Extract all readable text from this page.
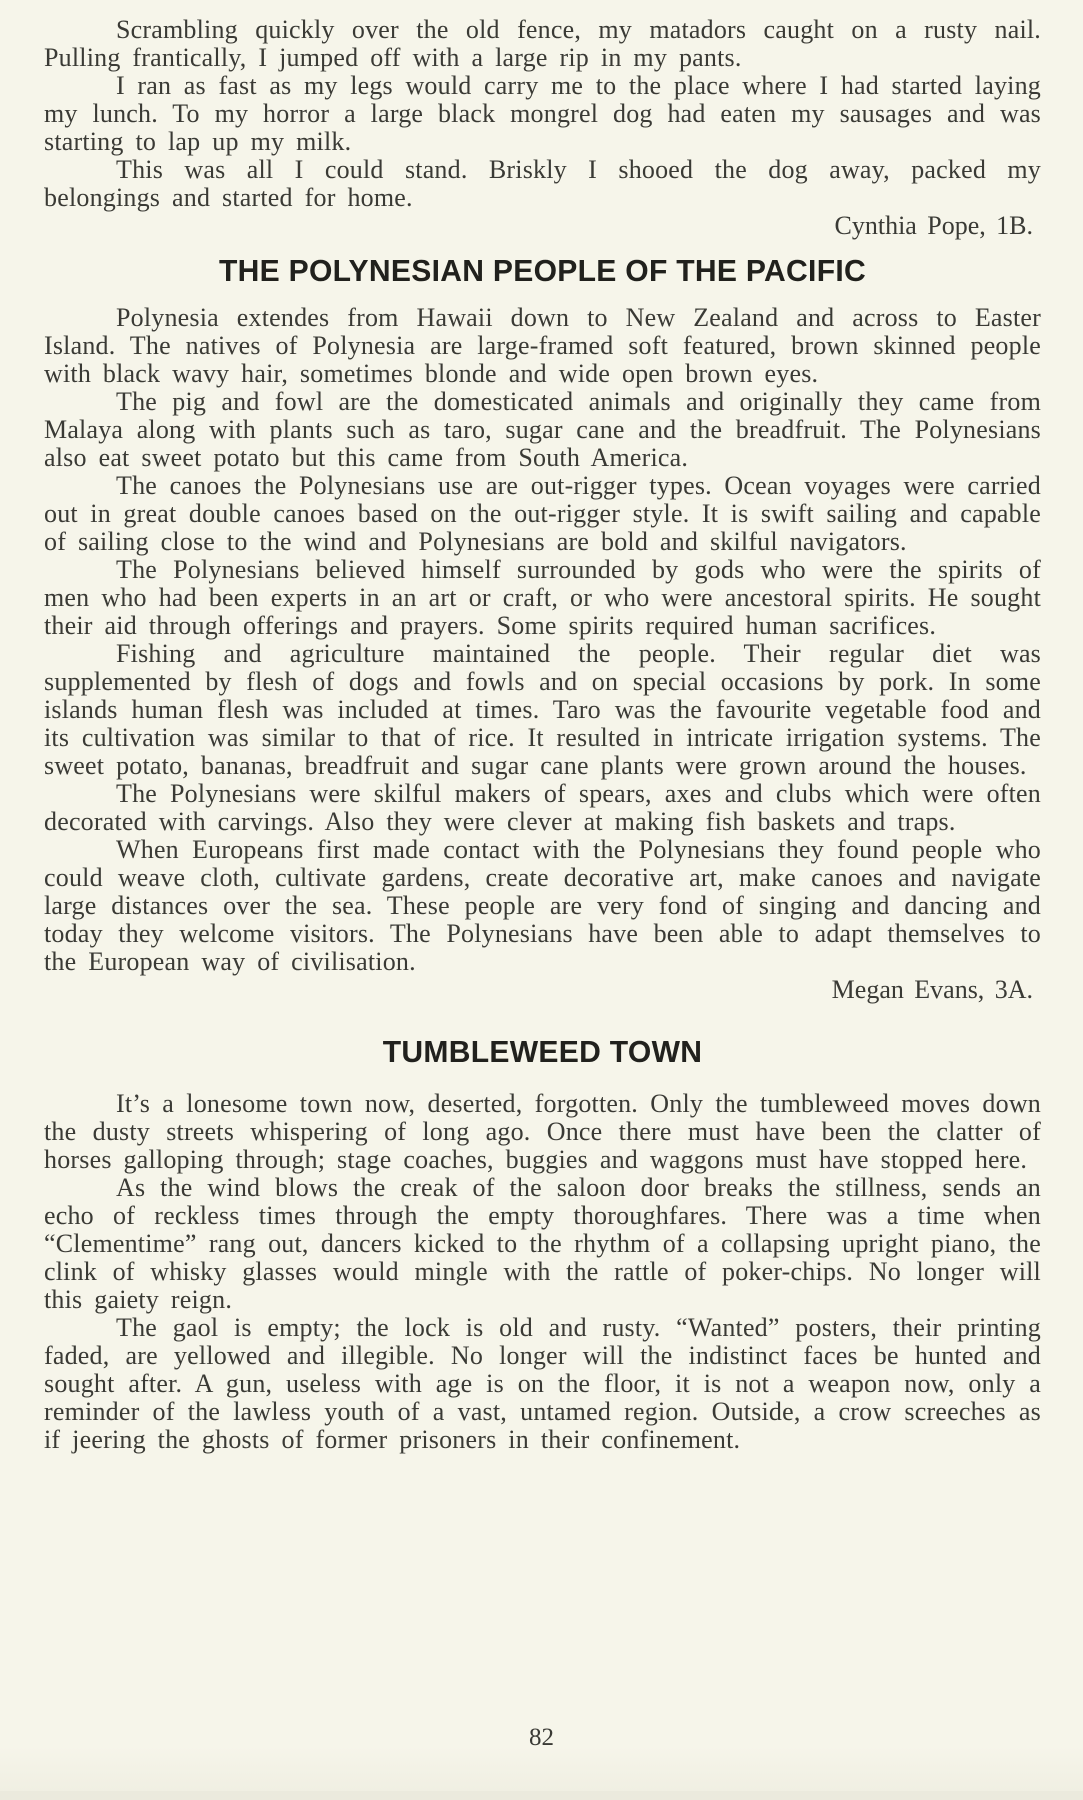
Scrambling quickly over the old fence, my matadors caught on a rusty nail. Pulling frantically, I jumped off with a large rip in my pants.

I ran as fast as my legs would carry me to the place where I had started laying my lunch. To my horror a large black mongrel dog had eaten my sausages and was starting to lap up my milk.

This was all I could stand. Briskly I shooed the dog away, packed my belongings and started for home.

Cynthia Pope, 1B.

THE POLYNESIAN PEOPLE OF THE PACIFIC

Polynesia extendes from Hawaii down to New Zealand and across to Easter Island. The natives of Polynesia are large-framed soft featured, brown skinned people with black wavy hair, sometimes blonde and wide open brown eyes.

The pig and fowl are the domesticated animals and originally they came from Malaya along with plants such as taro, sugar cane and the breadfruit. The Polynesians also eat sweet potato but this came from South America.

The canoes the Polynesians use are out-rigger types. Ocean voyages were carried out in great double canoes based on the out-rigger style. It is swift sailing and capable of sailing close to the wind and Polynesians are bold and skilful navigators.

The Polynesians believed himself surrounded by gods who were the spirits of men who had been experts in an art or craft, or who were ancestoral spirits. He sought their aid through offerings and prayers. Some spirits required human sacrifices.

Fishing and agriculture maintained the people. Their regular diet was supplemented by flesh of dogs and fowls and on special occasions by pork. In some islands human flesh was included at times. Taro was the favourite vegetable food and its cultivation was similar to that of rice. It resulted in intricate irrigation systems. The sweet potato, bananas, breadfruit and sugar cane plants were grown around the houses.

The Polynesians were skilful makers of spears, axes and clubs which were often decorated with carvings. Also they were clever at making fish baskets and traps.

When Europeans first made contact with the Polynesians they found people who could weave cloth, cultivate gardens, create decorative art, make canoes and navigate large distances over the sea. These people are very fond of singing and dancing and today they welcome visitors. The Polynesians have been able to adapt themselves to the European way of civilisation.

Megan Evans, 3A.

TUMBLEWEED TOWN

It’s a lonesome town now, deserted, forgotten. Only the tumbleweed moves down the dusty streets whispering of long ago. Once there must have been the clatter of horses galloping through; stage coaches, buggies and waggons must have stopped here.

As the wind blows the creak of the saloon door breaks the stillness, sends an echo of reckless times through the empty thoroughfares. There was a time when “Clementime” rang out, dancers kicked to the rhythm of a collapsing upright piano, the clink of whisky glasses would mingle with the rattle of poker-chips. No longer will this gaiety reign.

The gaol is empty; the lock is old and rusty. “Wanted” posters, their printing faded, are yellowed and illegible. No longer will the indistinct faces be hunted and sought after. A gun, useless with age is on the floor, it is not a weapon now, only a reminder of the lawless youth of a vast, untamed region. Outside, a crow screeches as if jeering the ghosts of former prisoners in their confinement.

82
